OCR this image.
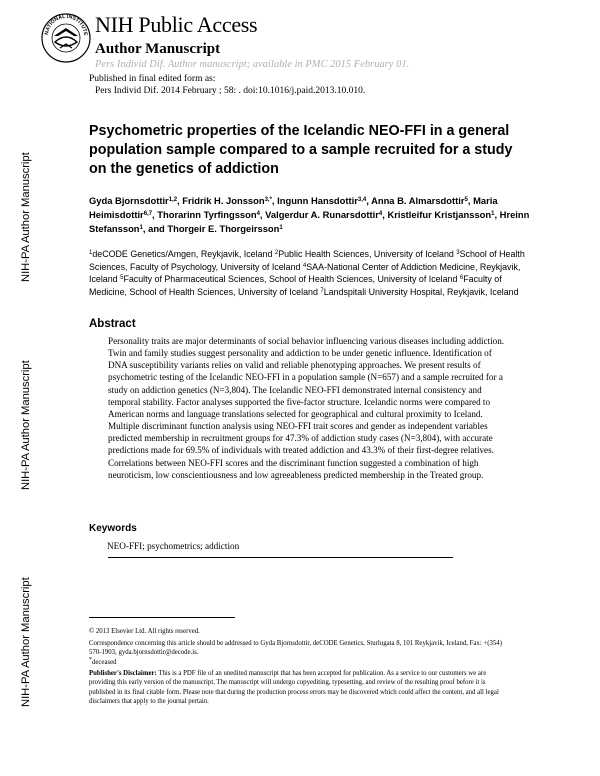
NATIONAL INSTITUTE NIH Public Access
Author Manuscript
Pers Individ Dif. Author manuscript; available in PMC 2015 February 01.
Published in final edited form as:
Pers Individ Dif. 2014 February ; 58: . doi:10.1016/j.paid.2013.10.010.
NIH-PA Author Manuscript
NIH-PA Author Manuscript
NIH-PA Author Manuscript
Psychometric properties of the Icelandic NEO-FFI in a general population sample compared to a sample recruited for a study on the genetics of addiction
Gyda Bjornsdottir$^{1,2}$, Fridrik H. Jonsson$^{3,*}$, Ingunn Hansdottir$^{3,4}$, Anna B. Almarsdottir$^5$, Maria Heimisdottir$^{6,7}$, Thorarinn Tyrfingsson$^4$, Valgerdur A. Runarsdottir$^4$, Kristleifur Kristjansson$^1$, Hreinn Stefansson$^1$, and Thorgeir E. Thorgeirsson$^1$
$^1$deCODE Genetics/Amgen, Reykjavik, Iceland $^2$Public Health Sciences, University of Iceland $^3$School of Health Sciences, Faculty of Psychology, University of Iceland $^4$SAA-National Center of Addiction Medicine, Reykjavik, Iceland $^5$Faculty of Pharmaceutical Sciences, School of Health Sciences, University of Iceland $^6$Faculty of Medicine, School of Health Sciences, University of Iceland $^7$Landspitali University Hospital, Reykjavik, Iceland
Abstract
Personality traits are major determinants of social behavior influencing various diseases including addiction. Twin and family studies suggest personality and addiction to be under genetic influence. Identification of DNA susceptibility variants relies on valid and reliable phenotyping approaches. We present results of psychometric testing of the Icelandic NEO-FFI in a population sample (N=657) and a sample recruited for a study on addiction genetics (N=3,804). The Icelandic NEO-FFI demonstrated internal consistency and temporal stability. Factor analyses supported the five-factor structure. Icelandic norms were compared to American norms and language translations selected for geographical and cultural proximity to Iceland. Multiple discriminant function analysis using NEO-FFI trait scores and gender as independent variables predicted membership in recruitment groups for 47.3% of addiction study cases (N=3,804), with accurate predictions made for 69.5% of individuals with treated addiction and 43.3% of their first-degree relatives. Correlations between NEO-FFI scores and the discriminant function suggested a combination of high neuroticism, low conscientiousness and low agreeableness predicted membership in the Treated group.
Keywords
NEO-FFI; psychometrics; addiction
© 2013 Elsevier Ltd. All rights reserved.
Correspondence concerning this article should be addressed to Gyda Bjornsdottir, deCODE Genetics, Sturlugata 8, 101 Reykjavik, Iceland, Fax: +(354) 570-1903, gyda.bjornsdottir@decode.is.
*deceased
Publisher's Disclaimer: This is a PDF file of an unedited manuscript that has been accepted for publication. As a service to our customers we are providing this early version of the manuscript. The manuscript will undergo copyediting, typesetting, and review of the resulting proof before it is published in its final citable form. Please note that during the production process errors may be discovered which could affect the content, and all legal disclaimers that apply to the journal pertain.
